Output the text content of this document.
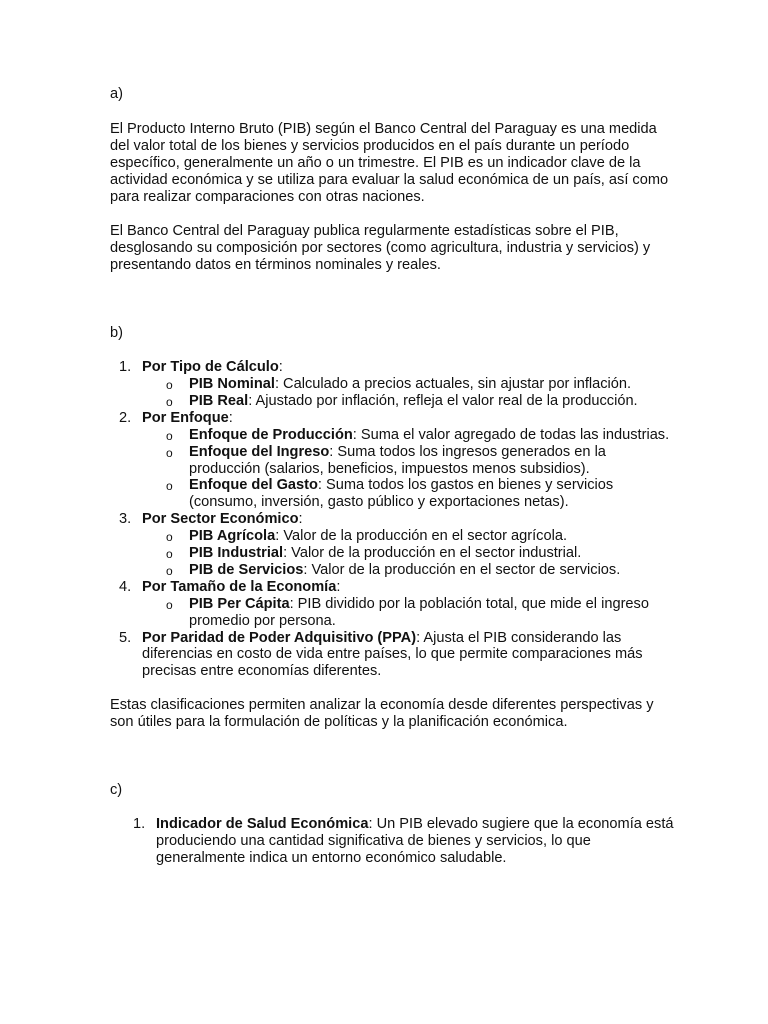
a)

El Producto Interno Bruto (PIB) según el Banco Central del Paraguay es una medida del valor total de los bienes y servicios producidos en el país durante un período específico, generalmente un año o un trimestre. El PIB es un indicador clave de la actividad económica y se utiliza para evaluar la salud económica de un país, así como para realizar comparaciones con otras naciones.

El Banco Central del Paraguay publica regularmente estadísticas sobre el PIB, desglosando su composición por sectores (como agricultura, industria y servicios) y presentando datos en términos nominales y reales.

b)

1. Por Tipo de Cálculo:
o PIB Nominal: Calculado a precios actuales, sin ajustar por inflación.
o PIB Real: Ajustado por inflación, refleja el valor real de la producción.
2. Por Enfoque:
o Enfoque de Producción: Suma el valor agregado de todas las industrias.
o Enfoque del Ingreso: Suma todos los ingresos generados en la producción (salarios, beneficios, impuestos menos subsidios).
o Enfoque del Gasto: Suma todos los gastos en bienes y servicios (consumo, inversión, gasto público y exportaciones netas).
3. Por Sector Económico:
o PIB Agrícola: Valor de la producción en el sector agrícola.
o PIB Industrial: Valor de la producción en el sector industrial.
o PIB de Servicios: Valor de la producción en el sector de servicios.
4. Por Tamaño de la Economía:
o PIB Per Cápita: PIB dividido por la población total, que mide el ingreso promedio por persona.
5. Por Paridad de Poder Adquisitivo (PPA): Ajusta el PIB considerando las diferencias en costo de vida entre países, lo que permite comparaciones más precisas entre economías diferentes.

Estas clasificaciones permiten analizar la economía desde diferentes perspectivas y son útiles para la formulación de políticas y la planificación económica.

c)

1. Indicador de Salud Económica: Un PIB elevado sugiere que la economía está produciendo una cantidad significativa de bienes y servicios, lo que generalmente indica un entorno económico saludable.
